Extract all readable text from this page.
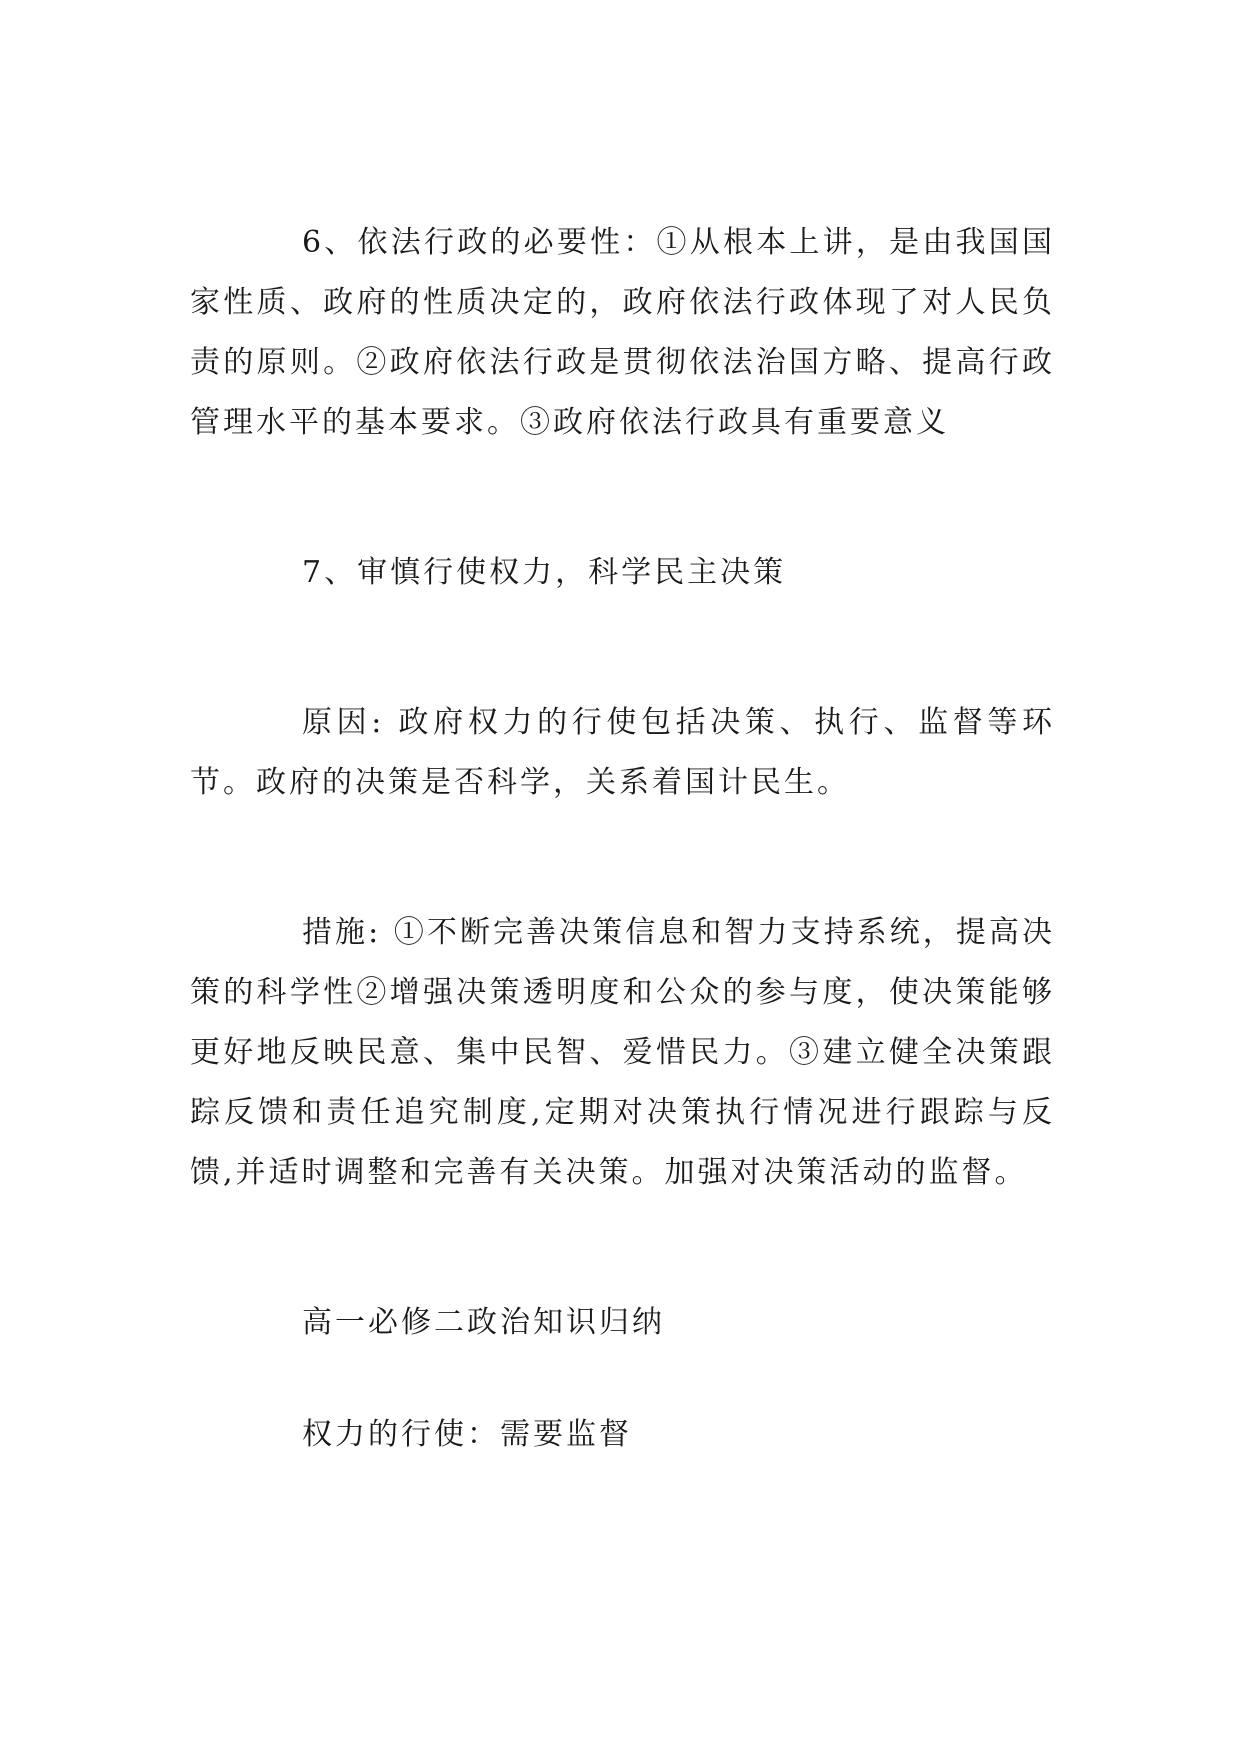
6、依法行政的必要性：①从根本上讲，是由我国国家性质、政府的性质决定的，政府依法行政体现了对人民负责的原则。②政府依法行政是贯彻依法治国方略、提高行政管理水平的基本要求。③政府依法行政具有重要意义

7、审慎行使权力，科学民主决策

原因: 政府权力的行使包括决策、执行、监督等环节。政府的决策是否科学，关系着国计民生。

措施: ①不断完善决策信息和智力支持系统，提高决策的科学性②增强决策透明度和公众的参与度，使决策能够更好地反映民意、集中民智、爱惜民力。③建立健全决策跟踪反馈和责任追究制度,定期对决策执行情况进行跟踪与反馈,并适时调整和完善有关决策。加强对决策活动的监督。

高一必修二政治知识归纳

权力的行使：需要监督
